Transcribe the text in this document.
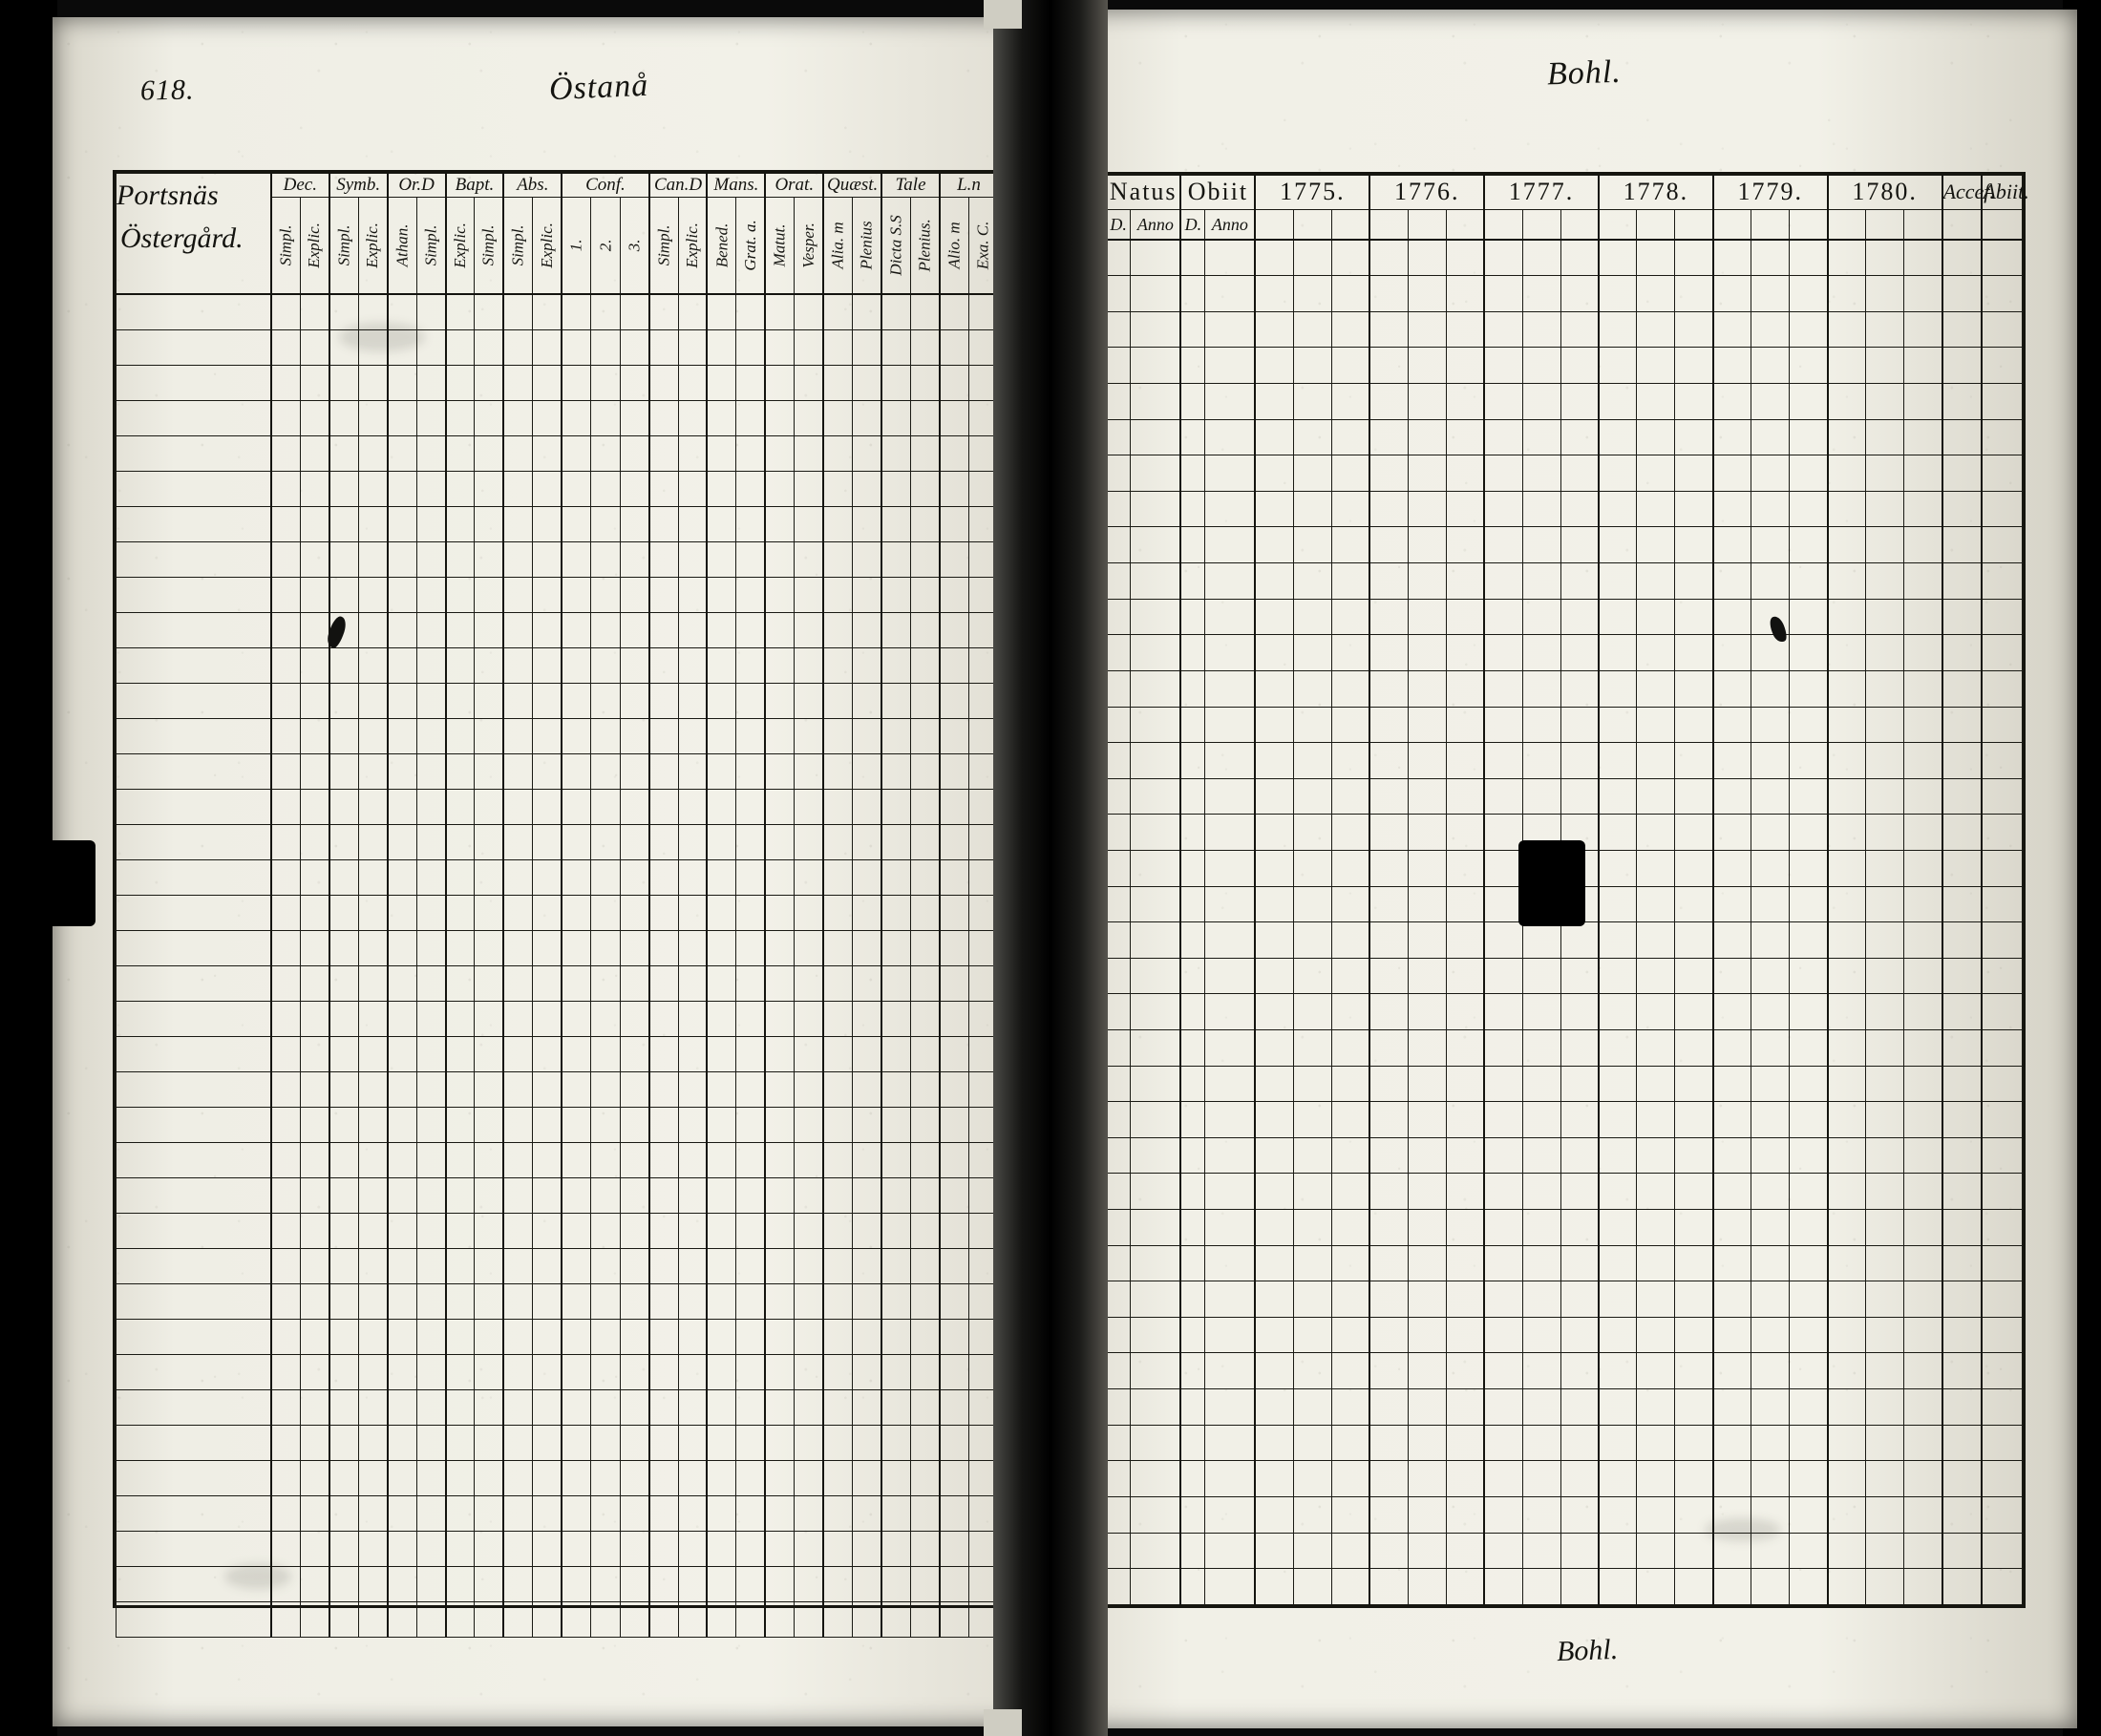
618.	Östanå
Portsnäs
Östergård.	Dec.		Symb.		Or.D		Bapt.		Abs.		Conf.			Can.D		Mans.		Orat.		Quæst.		Tale		L.n	

	Simpl.	Explic.	Simpl.	Explic.	Athan.	Simpl.	Explic.	Simpl.	Simpl.	Explic.	1.	2.	3.	Simpl.	Explic.	Bened.	Grat. a.	Matut.	Vesper.	Alia. m	Plenius	Dicta S.S	Plenius.	Alio. m	Exa. C.

Bohl.
Bohl.
Natus		Obiit		1775.			1776.			1777.			1778.			1779.			1780.			Accef.	Abiit.
D.	Anno	D.	Anno																				
